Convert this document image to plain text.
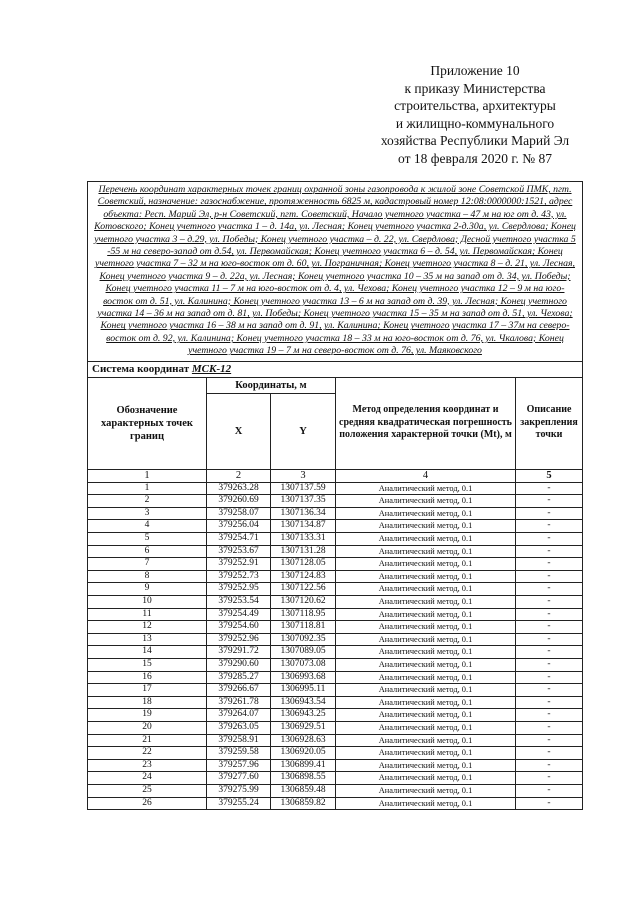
Приложение 10
к приказу Министерства
строительства, архитектуры
и жилищно-коммунального
хозяйства Республики Марий Эл
от 18 февраля 2020 г. № 87
Перечень координат характерных точек границ охранной зоны газопровода к жилой зоне Советской ПМК, пгт. Советский, назначение: газоснабжение, протяженность 6825 м, кадастровый номер 12:08:0000000:1521, адрес объекта: Респ. Марий Эл, р-н Советский, пгт. Советский, Начало учетного участка – 47 м на юг от д. 43, ул. Котовского; Конец учетного участка 1 – д. 14а, ул. Лесная; Конец учетного участка 2-д.30а, ул. Свердлова; Конец учетного участка 3 – д.29, ул. Победы; Конец учетного участка – д. 22, ул. Свердлова; Десной учетного участка 5 -55 м на северо-запад от д.54, ул. Первомайская; Конец учетного участка 6 – д. 54, ул. Первомайская; Конец учетного участка 7 – 32 м на юго-восток от д. 60, ул. Пограничная; Конец учетного участка 8 – д. 21, ул. Лесная, Конец учетного участка 9 – д. 22а, ул. Лесная; Конец учетного участка 10 – 35 м на запад от д. 34, ул. Победы; Конец учетного участка 11 – 7 м на юго-восток от д. 4, ул. Чехова; Конец учетного участка 12 – 9 м на юго-восток от д. 51, ул. Калинина; Конец учетного участка 13 – 6 м на запад от д. 39, ул. Лесная; Конец учетного участка 14 – 36 м на запад от д. 81, ул. Победы; Конец учетного участка 15 – 35 м на запад от д. 51, ул. Чехова; Конец учетного участка 16 – 38 м на запад от д. 91, ул. Калинина; Конец учетного участка 17 – 37м на северо-восток от д. 92, ул. Калинина; Конец учетного участка 18 – 33 м на юго-восток от д. 76, ул. Чкалова; Конец учетного участка 19 – 7 м на северо-восток от д. 76, ул. Маяковского				
Система координат МСК-12				
Обозначение характерных точек границ	Координаты, м		Метод определения координат и средняя квадратическая погрешность положения характерной точки (Mt), м	Описание закрепления точки
	X	Y		
1	2	3	4	5
1	379263.28	1307137.59	Аналитический метод, 0.1	-
2	379260.69	1307137.35	Аналитический метод, 0.1	-
3	379258.07	1307136.34	Аналитический метод, 0.1	-
4	379256.04	1307134.87	Аналитический метод, 0.1	-
5	379254.71	1307133.31	Аналитический метод, 0.1	-
6	379253.67	1307131.28	Аналитический метод, 0.1	-
7	379252.91	1307128.05	Аналитический метод, 0.1	-
8	379252.73	1307124.83	Аналитический метод, 0.1	-
9	379252.95	1307122.56	Аналитический метод, 0.1	-
10	379253.54	1307120.62	Аналитический метод, 0.1	-
11	379254.49	1307118.95	Аналитический метод, 0.1	-
12	379254.60	1307118.81	Аналитический метод, 0.1	-
13	379252.96	1307092.35	Аналитический метод, 0.1	-
14	379291.72	1307089.05	Аналитический метод, 0.1	-
15	379290.60	1307073.08	Аналитический метод, 0.1	-
16	379285.27	1306993.68	Аналитический метод, 0.1	-
17	379266.67	1306995.11	Аналитический метод, 0.1	-
18	379261.78	1306943.54	Аналитический метод, 0.1	-
19	379264.07	1306943.25	Аналитический метод, 0.1	-
20	379263.05	1306929.51	Аналитический метод, 0.1	-
21	379258.91	1306928.63	Аналитический метод, 0.1	-
22	379259.58	1306920.05	Аналитический метод, 0.1	-
23	379257.96	1306899.41	Аналитический метод, 0.1	-
24	379277.60	1306898.55	Аналитический метод, 0.1	-
25	379275.99	1306859.48	Аналитический метод, 0.1	-
26	379255.24	1306859.82	Аналитический метод, 0.1	-
